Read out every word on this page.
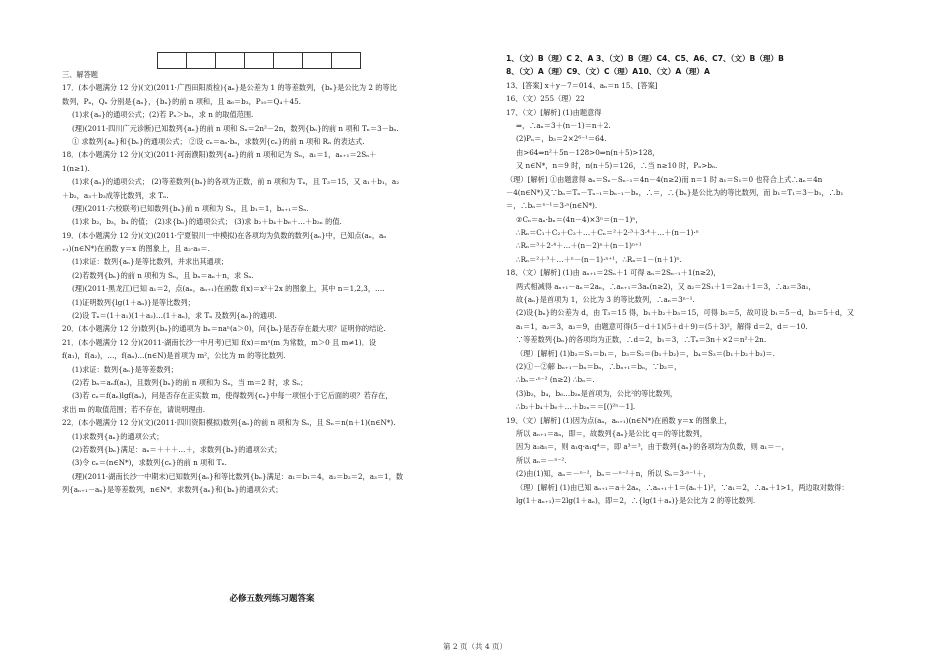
三、解答题
17．(本小题满分 12 分)(文)(2011·广西田阳质检){aₙ}是公差为 1 的等差数列，{bₙ}是公比为 2 的等比
数列，Pₙ，Qₙ 分别是{aₙ}，{bₙ}的前 n 项和，且 a₆＝b₃，P₁₀＝Q₄＋45.
(1)求{aₙ}的通项公式；(2)若 Pₙ＞bₙ，求 n 的取值范围.
(理)(2011·四川广元诊断)已知数列{aₙ}的前 n 项和 Sₙ＝2n²－2n，数列{bₙ}的前 n 项和 Tₙ＝3－bₙ.
① 求数列{aₙ}和{bₙ}的通项公式； ②设 cₙ＝aₙ·bₙ，求数列{cₙ}的前 n 项和 Rₙ 的表达式.
18．(本小题满分 12 分)(文)(2011·河南濮阳)数列{aₙ}的前 n 项和记为 Sₙ，a₁＝1，aₙ₊₁＝2Sₙ＋
1(n≥1).
(1)求{aₙ}的通项公式； (2)等差数列{bₙ}的各项为正数，前 n 项和为 Tₙ，且 T₃＝15，又 a₁＋b₁，a₂
＋b₂，a₃＋b₃成等比数列，求 Tₙ.
(理)(2011·六校联考)已知数列{bₙ}前 n 项和为 Sₙ，且 b₁＝1，bₙ₊₁＝Sₙ.
(1)求 b₂，b₃，b₄ 的值； (2)求{bₙ}的通项公式； (3)求 b₂＋b₄＋b₆＋…＋b₂ₙ 的值.
19．(本小题满分 12 分)(文)(2011·宁夏银川一中模拟)在各项均为负数的数列{aₙ}中，已知点(aₙ，aₙ
₊₁)(n∈N*)在函数 y＝x 的图象上，且 a₂·a₅＝.
(1)求证：数列{aₙ}是等比数列，并求出其通项；
(2)若数列{bₙ}的前 n 项和为 Sₙ，且 bₙ＝aₙ＋n，求 Sₙ.
(理)(2011·黑龙江)已知 a₁＝2，点(aₙ，aₙ₊₁)在函数 f(x)＝x²＋2x 的图象上，其中 n＝1,2,3，….
(1)证明数列{lg(1＋aₙ)}是等比数列；
(2)设 Tₙ＝(1＋a₁)(1＋a₂)…(1＋aₙ)，求 Tₙ 及数列{aₙ}的通项.
20．(本小题满分 12 分)数列{bₙ}的通项为 bₙ＝naⁿ(a＞0)，问{bₙ}是否存在最大项？证明你的结论.
21．(本小题满分 12 分)(2011·湖南长沙一中月考)已知 f(x)＝mˣ(m 为常数，m＞0 且 m≠1)．设
f(a₁)，f(a₂)，…，f(aₙ)…(n∈N)是首项为 m²，公比为 m 的等比数列.
(1)求证：数列{aₙ}是等差数列；
(2)若 bₙ＝aₙf(aₙ)，且数列{bₙ}的前 n 项和为 Sₙ，当 m＝2 时，求 Sₙ；
(3)若 cₙ＝f(aₙ)lgf(aₙ)，问是否存在正实数 m，使得数列{cₙ}中每一项恒小于它后面的项？若存在，
求出 m 的取值范围；若不存在，请说明理由.
22．(本小题满分 12 分)(文)(2011·四川资阳模拟)数列{aₙ}的前 n 项和为 Sₙ，且 Sₙ＝n(n＋1)(n∈N*).
(1)求数列{aₙ}的通项公式；
(2)若数列{bₙ}满足：aₙ＝＋＋＋…＋，求数列{bₙ}的通项公式；
(3)令 cₙ＝(n∈N*)，求数列{cₙ}的前 n 项和 Tₙ.
(理)(2011·湖南长沙一中期末)已知数列{aₙ}和等比数列{bₙ}满足：a₁＝b₁＝4，a₂＝b₂＝2，a₃＝1，数
列{aₙ₊₁－aₙ}是等差数列，n∈N*．求数列{aₙ}和{bₙ}的通项公式；
必修五数列练习题答案
1、（文）B（理）C 2、A 3、（文）B（理）C4、C5、A6、C7、（文）B（理）B
8、（文）A（理）C9、（文）C（理）A10、（文）A（理）A
13、[答案] x＋y－7＝014、aₙ＝n 15、[答案]
16、（文）255（理）22
17、（文）[解析] (1)由题意得
⇒，∴aₙ＝3＋(n－1)＝n＋2.
(2)Pₙ＝，b₃＝2×2⁶⁻¹＝64.
由>64⇒n²＋5n－128>0⇒n(n＋5)>128，
又 n∈N*，n＝9 时，n(n＋5)＝126，∴当 n≥10 时，Pₙ>bₙ.
（理）[解析] ①由题意得 aₙ＝Sₙ－Sₙ₋₁＝4n－4(n≥2)而 n＝1 时 a₁＝S₁＝0 也符合上式∴aₙ＝4n
－4(n∈N*)又∵bₙ＝Tₙ－Tₙ₋₁＝bₙ₋₁－bₙ，∴＝，∴{bₙ}是公比为的等比数列，而 b₁＝T₁＝3－b₁，∴b₁
＝，∴bₙ＝ⁿ⁻¹＝3·ⁿ(n∈N*).
②Cₙ＝aₙ·bₙ＝(4n－4)×3ⁿ＝(n－1)ⁿ，
∴Rₙ＝C₁＋C₂＋C₃＋…＋Cₙ＝²＋2·³＋3·⁴＋…＋(n－1)·ⁿ
∴Rₙ＝³＋2·⁴＋…＋(n－2)ⁿ＋(n－1)ⁿ⁺¹
∴Rₙ＝²＋³＋…＋ⁿ－(n－1)·ⁿ⁺¹，∴Rₙ＝1－(n＋1)ⁿ.
18、（文）[解析] (1)由 aₙ₊₁＝2Sₙ＋1 可得 aₙ＝2Sₙ₋₁＋1(n≥2)，
两式相减得 aₙ₊₁－aₙ＝2aₙ，∴aₙ₊₁＝3aₙ(n≥2)，又 a₂＝2S₁＋1＝2a₁＋1＝3，∴a₂＝3a₁，
故{aₙ}是首项为 1，公比为 3 的等比数列，∴aₙ＝3ⁿ⁻¹.
(2)设{bₙ}的公差为 d，由 T₃＝15 得，b₁＋b₂＋b₃＝15，可得 b₂＝5，故可设 b₁＝5－d，b₃＝5＋d，又
a₁＝1，a₂＝3，a₃＝9，由题意可得(5－d＋1)(5＋d＋9)＝(5＋3)²，解得 d＝2，d＝－10.
∵等差数列{bₙ}的各项均为正数，∴d＝2，b₁＝3，∴Tₙ＝3n＋×2＝n²＋2n.
（理）[解析] (1)b₂＝S₁＝b₁＝，b₃＝S₂＝(b₁＋b₂)＝，b₄＝S₃＝(b₁＋b₂＋b₃)＝.
(2)①－②解 bₙ₊₁－bₙ＝bₙ，∴bₙ₊₁＝bₙ，∵b₂＝，
∴bₙ＝·ⁿ⁻² (n≥2) ∴bₙ＝.
(3)b₂，b₄，b₆…b₂ₙ是首项为，公比²的等比数列，
∴b₂＋b₄＋b₆＋…＋b₂ₙ＝＝[()²ⁿ－1].
19、（文）[解析] (1)因为点(aₙ，aₙ₊₁)(n∈N*)在函数 y＝x 的图象上，
所以 aₙ₊₁＝aₙ，即＝，故数列{aₙ}是公比 q＝的等比数列，
因为 a₂a₅＝，则 a₁q·a₁q⁴＝，即 a³＝³，由于数列{aₙ}的各项均为负数，则 a₁＝－，
所以 aₙ＝－ⁿ⁻².
(2)由(1)知，aₙ＝－ⁿ⁻²，bₙ＝－ⁿ⁻²＋n，所以 Sₙ＝3·ⁿ⁻¹＋，
（理）[解析] (1)由已知 aₙ₊₁＝a＋2aₙ，∴aₙ₊₁＋1＝(aₙ＋1)²，∵a₁＝2，∴aₙ＋1>1，两边取对数得：
lg(1＋aₙ₊₁)＝2lg(1＋aₙ)，即＝2，∴{lg(1＋aₙ)}是公比为 2 的等比数列.
第 2 页（共 4 页）
